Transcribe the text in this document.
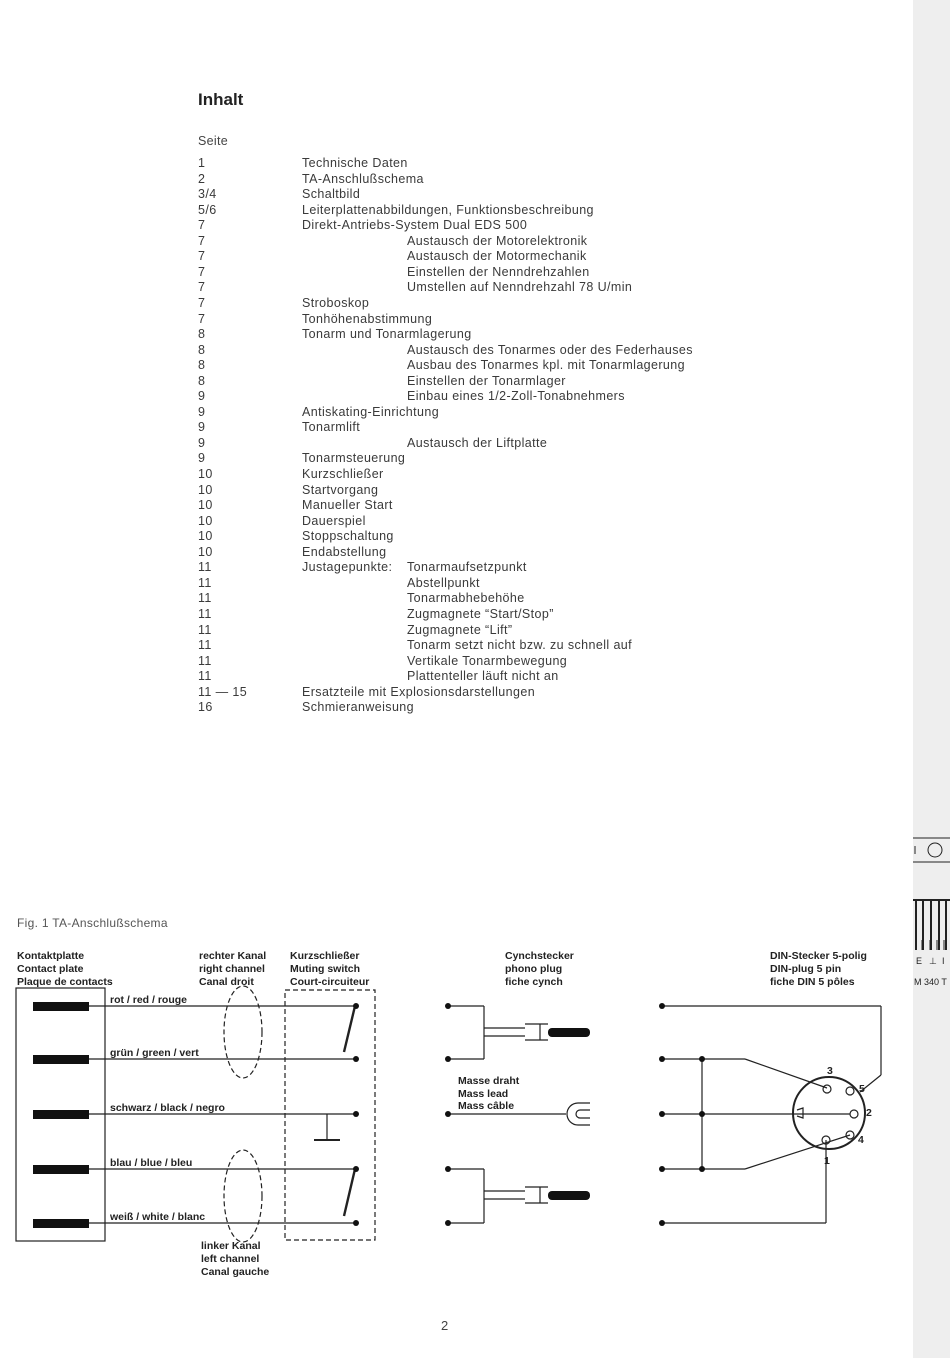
Inhalt
Seite
1	Technische Daten
2	TA-Anschlußschema
3/4	Schaltbild
5/6	Leiterplattenabbildungen, Funktionsbeschreibung
7	Direkt-Antriebs-System Dual EDS 500
7	Austausch der Motorelektronik
7	Austausch der Motormechanik
7	Einstellen der Nenndrehzahlen
7	Umstellen auf Nenndrehzahl 78 U/min
7	Stroboskop
7	Tonhöhenabstimmung
8	Tonarm und Tonarmlagerung
8	Austausch des Tonarmes oder des Federhauses
8	Ausbau des Tonarmes kpl. mit Tonarmlagerung
8	Einstellen der Tonarmlager
9	Einbau eines 1/2-Zoll-Tonabnehmers
9	Antiskating-Einrichtung
9	Tonarmlift
9	Austausch der Liftplatte
9	Tonarmsteuerung
10	Kurzschließer
10	Startvorgang
10	Manueller Start
10	Dauerspiel
10	Stoppschaltung
10	Endabstellung
11	Justagepunkte: Tonarmaufsetzpunkt
11	Abstellpunkt
11	Tonarmabhebehöhe
11	Zugmagnete “Start/Stop”
11	Zugmagnete “Lift”
11	Tonarm setzt nicht bzw. zu schnell auf
11	Vertikale Tonarmbewegung
11	Plattenteller läuft nicht an
11 — 15	Ersatzteile mit Explosionsdarstellungen
16	Schmieranweisung
Fig. 1 TA-Anschlußschema
Kontaktplatte
Contact plate
Plaque de contacts
rechter Kanal
right channel
Canal droit
Kurzschließer
Muting switch
Court-circuiteur
Cynchstecker
phono plug
fiche cynch
DIN-Stecker 5-polig
DIN-plug 5 pin
fiche DIN 5 pôles
rot / red / rouge
grün / green / vert
schwarz / black / negro
blau / blue / bleu
weiß / white / blanc
Masse draht
Mass lead
Mass câble
linker Kanal
left channel
Canal gauche
3
5
2
4
1
E ⊥ I
M 340 T
2
